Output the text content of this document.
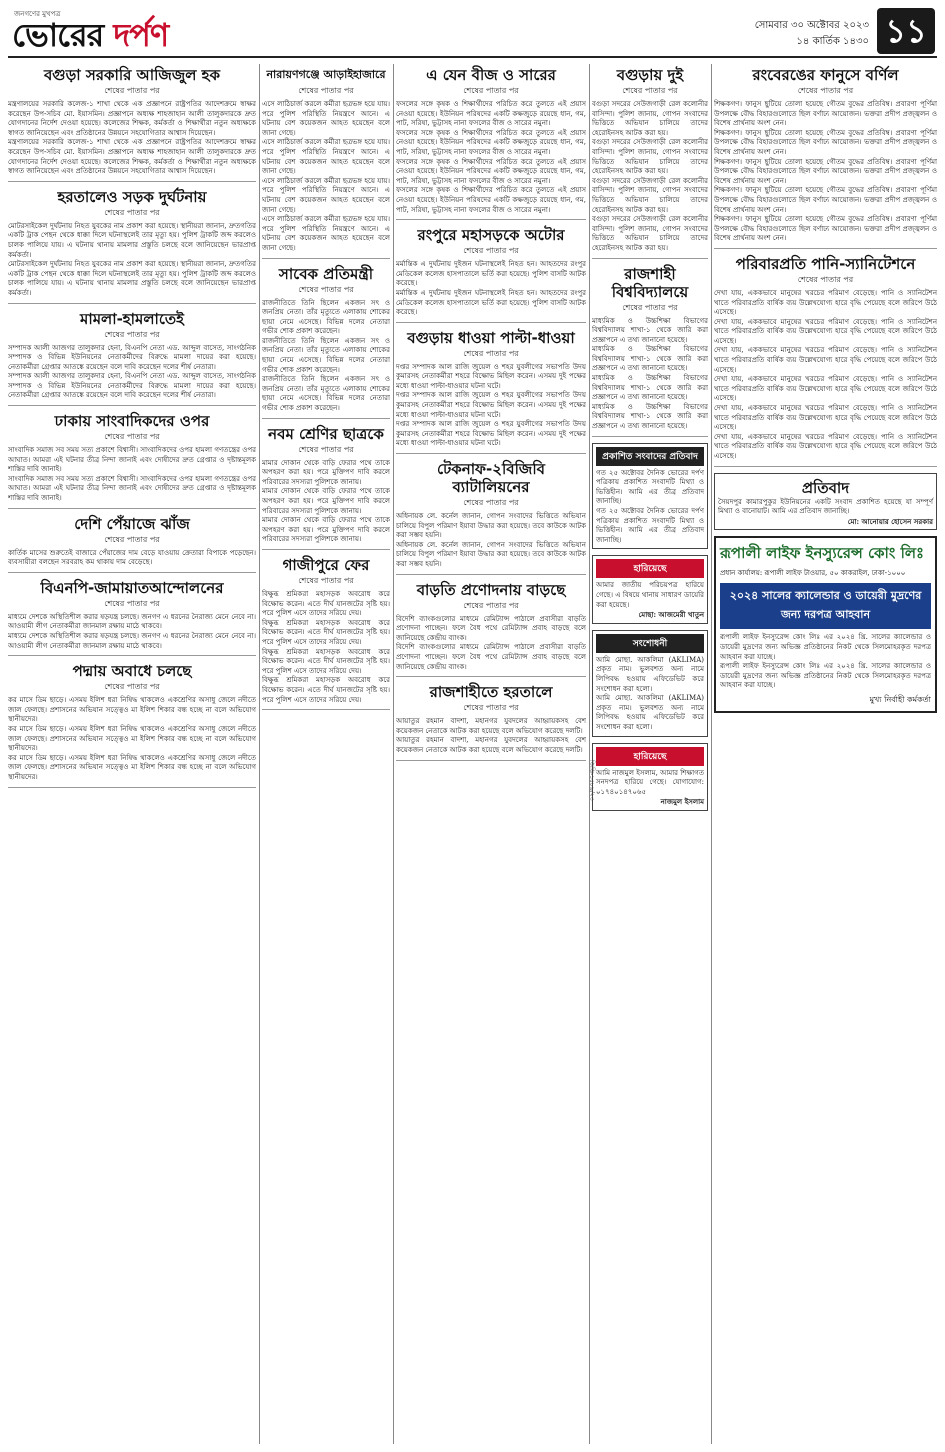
জনগণের মুখপত্র
ভোরের দর্পণ	সোমবার ৩০ অক্টোবর ২০২৩
১৪ কার্তিক ১৪৩০ ১১
বগুড়া সরকারি আজিজুল হক
শেষের পাতার পর
মন্ত্রণালয়ের সরকারি কলেজ-১ শাখা থেকে এক প্রজ্ঞাপনে রাষ্ট্রপতির আদেশক্রমে স্বাক্ষর করেছেন উপ-সচিব মো. ইয়াসমিন। প্রজ্ঞাপনে অধ্যক্ষ শাহজাহান আলী তালুকদারকে দ্রুত যোগদানের নির্দেশ দেওয়া হয়েছে। কলেজের শিক্ষক, কর্মকর্তা ও শিক্ষার্থীরা নতুন অধ্যক্ষকে স্বাগত জানিয়েছেন এবং প্রতিষ্ঠানের উন্নয়নে সহযোগিতার আশ্বাস দিয়েছেন।
মন্ত্রণালয়ের সরকারি কলেজ-১ শাখা থেকে এক প্রজ্ঞাপনে রাষ্ট্রপতির আদেশক্রমে স্বাক্ষর করেছেন উপ-সচিব মো. ইয়াসমিন। প্রজ্ঞাপনে অধ্যক্ষ শাহজাহান আলী তালুকদারকে দ্রুত যোগদানের নির্দেশ দেওয়া হয়েছে। কলেজের শিক্ষক, কর্মকর্তা ও শিক্ষার্থীরা নতুন অধ্যক্ষকে স্বাগত জানিয়েছেন এবং প্রতিষ্ঠানের উন্নয়নে সহযোগিতার আশ্বাস দিয়েছেন।
হরতালেও সড়ক দুর্ঘটনায়
শেষের পাতার পর
মোটরসাইকেল দুর্ঘটনায় নিহত যুবকের নাম প্রকাশ করা হয়েছে। স্থানীয়রা জানান, দ্রুতগতির একটি ট্রাক পেছন থেকে ধাক্কা দিলে ঘটনাস্থলেই তার মৃত্যু হয়। পুলিশ ট্রাকটি জব্দ করলেও চালক পালিয়ে যায়। এ ঘটনায় থানায় মামলার প্রস্তুতি চলছে বলে জানিয়েছেন ভারপ্রাপ্ত কর্মকর্তা।
মোটরসাইকেল দুর্ঘটনায় নিহত যুবকের নাম প্রকাশ করা হয়েছে। স্থানীয়রা জানান, দ্রুতগতির একটি ট্রাক পেছন থেকে ধাক্কা দিলে ঘটনাস্থলেই তার মৃত্যু হয়। পুলিশ ট্রাকটি জব্দ করলেও চালক পালিয়ে যায়। এ ঘটনায় থানায় মামলার প্রস্তুতি চলছে বলে জানিয়েছেন ভারপ্রাপ্ত কর্মকর্তা।
মামলা-হামলাতেই
শেষের পাতার পর
সম্পাদক আলী আজগর তালুকদার হেনা, বিএনপি নেতা এড. আব্দুল বাসেত, সাংগঠনিক সম্পাদক ও বিভিন্ন ইউনিয়নের নেতাকর্মীদের বিরুদ্ধে মামলা দায়ের করা হয়েছে। নেতাকর্মীরা গ্রেপ্তার আতঙ্কে রয়েছেন বলে দাবি করেছেন দলের শীর্ষ নেতারা।
সম্পাদক আলী আজগর তালুকদার হেনা, বিএনপি নেতা এড. আব্দুল বাসেত, সাংগঠনিক সম্পাদক ও বিভিন্ন ইউনিয়নের নেতাকর্মীদের বিরুদ্ধে মামলা দায়ের করা হয়েছে। নেতাকর্মীরা গ্রেপ্তার আতঙ্কে রয়েছেন বলে দাবি করেছেন দলের শীর্ষ নেতারা।
ঢাকায় সাংবাদিকদের ওপর
শেষের পাতার পর
সাংবাদিক সমাজ সব সময় সত্য প্রকাশে বিশ্বাসী। সাংবাদিকদের ওপর হামলা গণতন্ত্রের ওপর আঘাত। আমরা এই ঘটনার তীব্র নিন্দা জানাই এবং দোষীদের দ্রুত গ্রেপ্তার ও দৃষ্টান্তমূলক শাস্তির দাবি জানাই।
সাংবাদিক সমাজ সব সময় সত্য প্রকাশে বিশ্বাসী। সাংবাদিকদের ওপর হামলা গণতন্ত্রের ওপর আঘাত। আমরা এই ঘটনার তীব্র নিন্দা জানাই এবং দোষীদের দ্রুত গ্রেপ্তার ও দৃষ্টান্তমূলক শাস্তির দাবি জানাই।
দেশি পেঁয়াজে ঝাঁজ
শেষের পাতার পর
কার্তিক মাসের শুরুতেই বাজারে পেঁয়াজের দাম বেড়ে যাওয়ায় ক্রেতারা বিপাকে পড়েছেন। ব্যবসায়ীরা বলছেন সরবরাহ কম থাকায় দাম বেড়েছে।
বিএনপি-জামায়াতআন্দোলনের
শেষের পাতার পর
মাধ্যমে দেশকে অস্থিতিশীল করার ষড়যন্ত্র চলছে। জনগণ এ ধরনের নৈরাজ্য মেনে নেবে না। আওয়ামী লীগ নেতাকর্মীরা জানমাল রক্ষায় মাঠে থাকবে।
মাধ্যমে দেশকে অস্থিতিশীল করার ষড়যন্ত্র চলছে। জনগণ এ ধরনের নৈরাজ্য মেনে নেবে না। আওয়ামী লীগ নেতাকর্মীরা জানমাল রক্ষায় মাঠে থাকবে।
পদ্মায় অবাধে চলছে
শেষের পাতার পর
কর মাসে ডিম ছাড়ে। এসময় ইলিশ ধরা নিষিদ্ধ থাকলেও একশ্রেণির অসাধু জেলে নদীতে জাল ফেলছে। প্রশাসনের অভিযান সত্ত্বেও মা ইলিশ শিকার বন্ধ হচ্ছে না বলে অভিযোগ স্থানীয়দের।
কর মাসে ডিম ছাড়ে। এসময় ইলিশ ধরা নিষিদ্ধ থাকলেও একশ্রেণির অসাধু জেলে নদীতে জাল ফেলছে। প্রশাসনের অভিযান সত্ত্বেও মা ইলিশ শিকার বন্ধ হচ্ছে না বলে অভিযোগ স্থানীয়দের।
কর মাসে ডিম ছাড়ে। এসময় ইলিশ ধরা নিষিদ্ধ থাকলেও একশ্রেণির অসাধু জেলে নদীতে জাল ফেলছে। প্রশাসনের অভিযান সত্ত্বেও মা ইলিশ শিকার বন্ধ হচ্ছে না বলে অভিযোগ স্থানীয়দের।
নারায়ণগঞ্জে আড়াইহাজারে
শেষের পাতার পর
এসে লাঠিচার্জ করলে কর্মীরা ছত্রভঙ্গ হয়ে যায়। পরে পুলিশ পরিস্থিতি নিয়ন্ত্রণে আনে। এ ঘটনায় বেশ কয়েকজন আহত হয়েছেন বলে জানা গেছে।
এসে লাঠিচার্জ করলে কর্মীরা ছত্রভঙ্গ হয়ে যায়। পরে পুলিশ পরিস্থিতি নিয়ন্ত্রণে আনে। এ ঘটনায় বেশ কয়েকজন আহত হয়েছেন বলে জানা গেছে।
এসে লাঠিচার্জ করলে কর্মীরা ছত্রভঙ্গ হয়ে যায়। পরে পুলিশ পরিস্থিতি নিয়ন্ত্রণে আনে। এ ঘটনায় বেশ কয়েকজন আহত হয়েছেন বলে জানা গেছে।
এসে লাঠিচার্জ করলে কর্মীরা ছত্রভঙ্গ হয়ে যায়। পরে পুলিশ পরিস্থিতি নিয়ন্ত্রণে আনে। এ ঘটনায় বেশ কয়েকজন আহত হয়েছেন বলে জানা গেছে।
সাবেক প্রতিমন্ত্রী
শেষের পাতার পর
রাজনীতিতে তিনি ছিলেন একজন সৎ ও জনপ্রিয় নেতা। তাঁর মৃত্যুতে এলাকায় শোকের ছায়া নেমে এসেছে। বিভিন্ন দলের নেতারা গভীর শোক প্রকাশ করেছেন।
রাজনীতিতে তিনি ছিলেন একজন সৎ ও জনপ্রিয় নেতা। তাঁর মৃত্যুতে এলাকায় শোকের ছায়া নেমে এসেছে। বিভিন্ন দলের নেতারা গভীর শোক প্রকাশ করেছেন।
রাজনীতিতে তিনি ছিলেন একজন সৎ ও জনপ্রিয় নেতা। তাঁর মৃত্যুতে এলাকায় শোকের ছায়া নেমে এসেছে। বিভিন্ন দলের নেতারা গভীর শোক প্রকাশ করেছেন।
নবম শ্রেণির ছাত্রকে
শেষের পাতার পর
মামার দোকান থেকে বাড়ি ফেরার পথে তাকে অপহরণ করা হয়। পরে মুক্তিপণ দাবি করলে পরিবারের সদস্যরা পুলিশকে জানায়।
মামার দোকান থেকে বাড়ি ফেরার পথে তাকে অপহরণ করা হয়। পরে মুক্তিপণ দাবি করলে পরিবারের সদস্যরা পুলিশকে জানায়।
মামার দোকান থেকে বাড়ি ফেরার পথে তাকে অপহরণ করা হয়। পরে মুক্তিপণ দাবি করলে পরিবারের সদস্যরা পুলিশকে জানায়।
গাজীপুরে ফের
শেষের পাতার পর
বিক্ষুব্ধ শ্রমিকরা মহাসড়ক অবরোধ করে বিক্ষোভ করেন। এতে দীর্ঘ যানজটের সৃষ্টি হয়। পরে পুলিশ এসে তাদের সরিয়ে দেয়।
বিক্ষুব্ধ শ্রমিকরা মহাসড়ক অবরোধ করে বিক্ষোভ করেন। এতে দীর্ঘ যানজটের সৃষ্টি হয়। পরে পুলিশ এসে তাদের সরিয়ে দেয়।
বিক্ষুব্ধ শ্রমিকরা মহাসড়ক অবরোধ করে বিক্ষোভ করেন। এতে দীর্ঘ যানজটের সৃষ্টি হয়। পরে পুলিশ এসে তাদের সরিয়ে দেয়।
বিক্ষুব্ধ শ্রমিকরা মহাসড়ক অবরোধ করে বিক্ষোভ করেন। এতে দীর্ঘ যানজটের সৃষ্টি হয়। পরে পুলিশ এসে তাদের সরিয়ে দেয়।
এ যেন বীজ ও সারের
শেষের পাতার পর
ফসলের সঙ্গে কৃষক ও শিক্ষার্থীদের পরিচিত করে তুলতে এই প্রয়াস নেওয়া হয়েছে। ইউনিয়ন পরিষদের একটি কক্ষজুড়ে রয়েছে ধান, গম, পাট, সরিষা, ভুট্টাসহ নানা ফসলের বীজ ও সারের নমুনা।
ফসলের সঙ্গে কৃষক ও শিক্ষার্থীদের পরিচিত করে তুলতে এই প্রয়াস নেওয়া হয়েছে। ইউনিয়ন পরিষদের একটি কক্ষজুড়ে রয়েছে ধান, গম, পাট, সরিষা, ভুট্টাসহ নানা ফসলের বীজ ও সারের নমুনা।
ফসলের সঙ্গে কৃষক ও শিক্ষার্থীদের পরিচিত করে তুলতে এই প্রয়াস নেওয়া হয়েছে। ইউনিয়ন পরিষদের একটি কক্ষজুড়ে রয়েছে ধান, গম, পাট, সরিষা, ভুট্টাসহ নানা ফসলের বীজ ও সারের নমুনা।
ফসলের সঙ্গে কৃষক ও শিক্ষার্থীদের পরিচিত করে তুলতে এই প্রয়াস নেওয়া হয়েছে। ইউনিয়ন পরিষদের একটি কক্ষজুড়ে রয়েছে ধান, গম, পাট, সরিষা, ভুট্টাসহ নানা ফসলের বীজ ও সারের নমুনা।
রংপুরে মহাসড়কে অটোর
শেষের পাতার পর
মর্মান্তিক এ দুর্ঘটনায় দুইজন ঘটনাস্থলেই নিহত হন। আহতদের রংপুর মেডিকেল কলেজ হাসপাতালে ভর্তি করা হয়েছে। পুলিশ বাসটি আটক করেছে।
মর্মান্তিক এ দুর্ঘটনায় দুইজন ঘটনাস্থলেই নিহত হন। আহতদের রংপুর মেডিকেল কলেজ হাসপাতালে ভর্তি করা হয়েছে। পুলিশ বাসটি আটক করেছে।
বগুড়ায় ধাওয়া পাল্টা-ধাওয়া
শেষের পাতার পর
দপ্তর সম্পাদক আল রাজি জুয়েল ও শহর যুবলীগের সভাপতি উদয় কুমারসহ নেতাকর্মীরা শহরে বিক্ষোভ মিছিল করেন। এসময় দুই পক্ষের মধ্যে ধাওয়া পাল্টা-ধাওয়ার ঘটনা ঘটে।
দপ্তর সম্পাদক আল রাজি জুয়েল ও শহর যুবলীগের সভাপতি উদয় কুমারসহ নেতাকর্মীরা শহরে বিক্ষোভ মিছিল করেন। এসময় দুই পক্ষের মধ্যে ধাওয়া পাল্টা-ধাওয়ার ঘটনা ঘটে।
দপ্তর সম্পাদক আল রাজি জুয়েল ও শহর যুবলীগের সভাপতি উদয় কুমারসহ নেতাকর্মীরা শহরে বিক্ষোভ মিছিল করেন। এসময় দুই পক্ষের মধ্যে ধাওয়া পাল্টা-ধাওয়ার ঘটনা ঘটে।
টেকনাফ-২বিজিবি ব্যাটালিয়নের
শেষের পাতার পর
অধিনায়ক লে. কর্নেল জানান, গোপন সংবাদের ভিত্তিতে অভিযান চালিয়ে বিপুল পরিমাণ ইয়াবা উদ্ধার করা হয়েছে। তবে কাউকে আটক করা সম্ভব হয়নি।
অধিনায়ক লে. কর্নেল জানান, গোপন সংবাদের ভিত্তিতে অভিযান চালিয়ে বিপুল পরিমাণ ইয়াবা উদ্ধার করা হয়েছে। তবে কাউকে আটক করা সম্ভব হয়নি।
বাড়তি প্রণোদনায় বাড়ছে
শেষের পাতার পর
বিদেশি ব্যাংকগুলোর মাধ্যমে রেমিট্যান্স পাঠালে প্রবাসীরা বাড়তি প্রণোদনা পাচ্ছেন। ফলে বৈধ পথে রেমিট্যান্স প্রবাহ বাড়ছে বলে জানিয়েছে কেন্দ্রীয় ব্যাংক।
বিদেশি ব্যাংকগুলোর মাধ্যমে রেমিট্যান্স পাঠালে প্রবাসীরা বাড়তি প্রণোদনা পাচ্ছেন। ফলে বৈধ পথে রেমিট্যান্স প্রবাহ বাড়ছে বলে জানিয়েছে কেন্দ্রীয় ব্যাংক।
রাজশাহীতে হরতালে
শেষের পাতার পর
আয়াতুর রহমান বাদশা, মহানগর যুবদলের আহ্বায়কসহ বেশ কয়েকজন নেতাকে আটক করা হয়েছে বলে অভিযোগ করেছে দলটি।
আয়াতুর রহমান বাদশা, মহানগর যুবদলের আহ্বায়কসহ বেশ কয়েকজন নেতাকে আটক করা হয়েছে বলে অভিযোগ করেছে দলটি।
জিডি-১৫৮৯/২৩
বগুড়ায় দুই
শেষের পাতার পর
বগুড়া সদরের সেউজগাড়ী রেল কলোনীর বাসিন্দা। পুলিশ জানায়, গোপন সংবাদের ভিত্তিতে অভিযান চালিয়ে তাদের হেরোইনসহ আটক করা হয়।
বগুড়া সদরের সেউজগাড়ী রেল কলোনীর বাসিন্দা। পুলিশ জানায়, গোপন সংবাদের ভিত্তিতে অভিযান চালিয়ে তাদের হেরোইনসহ আটক করা হয়।
বগুড়া সদরের সেউজগাড়ী রেল কলোনীর বাসিন্দা। পুলিশ জানায়, গোপন সংবাদের ভিত্তিতে অভিযান চালিয়ে তাদের হেরোইনসহ আটক করা হয়।
বগুড়া সদরের সেউজগাড়ী রেল কলোনীর বাসিন্দা। পুলিশ জানায়, গোপন সংবাদের ভিত্তিতে অভিযান চালিয়ে তাদের হেরোইনসহ আটক করা হয়।
রাজশাহী বিশ্ববিদ্যালয়ে
শেষের পাতার পর
মাধ্যমিক ও উচ্চশিক্ষা বিভাগের বিশ্ববিদ্যালয় শাখা-১ থেকে জারি করা প্রজ্ঞাপনে এ তথ্য জানানো হয়েছে।
মাধ্যমিক ও উচ্চশিক্ষা বিভাগের বিশ্ববিদ্যালয় শাখা-১ থেকে জারি করা প্রজ্ঞাপনে এ তথ্য জানানো হয়েছে।
মাধ্যমিক ও উচ্চশিক্ষা বিভাগের বিশ্ববিদ্যালয় শাখা-১ থেকে জারি করা প্রজ্ঞাপনে এ তথ্য জানানো হয়েছে।
মাধ্যমিক ও উচ্চশিক্ষা বিভাগের বিশ্ববিদ্যালয় শাখা-১ থেকে জারি করা প্রজ্ঞাপনে এ তথ্য জানানো হয়েছে।
প্রকাশিত সংবাদের প্রতিবাদ
গত ২৫ অক্টোবর দৈনিক ভোরের দর্পণ পত্রিকায় প্রকাশিত সংবাদটি মিথ্যা ও ভিত্তিহীন। আমি এর তীব্র প্রতিবাদ জানাচ্ছি।
গত ২৫ অক্টোবর দৈনিক ভোরের দর্পণ পত্রিকায় প্রকাশিত সংবাদটি মিথ্যা ও ভিত্তিহীন। আমি এর তীব্র প্রতিবাদ জানাচ্ছি।
হারিয়েছে
আমার জাতীয় পরিচয়পত্র হারিয়ে গেছে। এ বিষয়ে থানায় সাধারণ ডায়েরি করা হয়েছে।
মোছা: আজমেরী খাতুন
সংশোধনী
আমি মোছা. আকলিমা (AKLIMA) প্রকৃত নাম। ভুলবশত অন্য নামে লিপিবদ্ধ হওয়ায় এফিডেভিট করে সংশোধন করা হলো।
আমি মোছা. আকলিমা (AKLIMA) প্রকৃত নাম। ভুলবশত অন্য নামে লিপিবদ্ধ হওয়ায় এফিডেভিট করে সংশোধন করা হলো।
হারিয়েছে
আমি নাজমুল ইসলাম, আমার শিক্ষাগত সনদপত্র হারিয়ে গেছে। যোগাযোগ: ০১৭৪০১৪৭০৬৫
নাজমুল ইসলাম
রংবেরঙের ফানুসে বর্ণিল
শেষের পাতার পর
শিক্ষকগণ। ফানুস ছুটিয়ে তোলা হয়েছে গৌতম বুদ্ধের প্রতিবিম্ব। প্রবারণা পূর্ণিমা উপলক্ষে বৌদ্ধ বিহারগুলোতে ছিল বর্ণাঢ্য আয়োজন। ভক্তরা প্রদীপ প্রজ্জ্বলন ও বিশেষ প্রার্থনায় অংশ নেন।
শিক্ষকগণ। ফানুস ছুটিয়ে তোলা হয়েছে গৌতম বুদ্ধের প্রতিবিম্ব। প্রবারণা পূর্ণিমা উপলক্ষে বৌদ্ধ বিহারগুলোতে ছিল বর্ণাঢ্য আয়োজন। ভক্তরা প্রদীপ প্রজ্জ্বলন ও বিশেষ প্রার্থনায় অংশ নেন।
শিক্ষকগণ। ফানুস ছুটিয়ে তোলা হয়েছে গৌতম বুদ্ধের প্রতিবিম্ব। প্রবারণা পূর্ণিমা উপলক্ষে বৌদ্ধ বিহারগুলোতে ছিল বর্ণাঢ্য আয়োজন। ভক্তরা প্রদীপ প্রজ্জ্বলন ও বিশেষ প্রার্থনায় অংশ নেন।
শিক্ষকগণ। ফানুস ছুটিয়ে তোলা হয়েছে গৌতম বুদ্ধের প্রতিবিম্ব। প্রবারণা পূর্ণিমা উপলক্ষে বৌদ্ধ বিহারগুলোতে ছিল বর্ণাঢ্য আয়োজন। ভক্তরা প্রদীপ প্রজ্জ্বলন ও বিশেষ প্রার্থনায় অংশ নেন।
শিক্ষকগণ। ফানুস ছুটিয়ে তোলা হয়েছে গৌতম বুদ্ধের প্রতিবিম্ব। প্রবারণা পূর্ণিমা উপলক্ষে বৌদ্ধ বিহারগুলোতে ছিল বর্ণাঢ্য আয়োজন। ভক্তরা প্রদীপ প্রজ্জ্বলন ও বিশেষ প্রার্থনায় অংশ নেন।
পরিবারপ্রতি পানি-স্যানিটেশনে
শেষের পাতার পর
দেখা যায়, এককভাবে মানুষের খরচের পরিমাণ বেড়েছে। পানি ও স্যানিটেশন খাতে পরিবারপ্রতি বার্ষিক ব্যয় উল্লেখযোগ্য হারে বৃদ্ধি পেয়েছে বলে জরিপে উঠে এসেছে।
দেখা যায়, এককভাবে মানুষের খরচের পরিমাণ বেড়েছে। পানি ও স্যানিটেশন খাতে পরিবারপ্রতি বার্ষিক ব্যয় উল্লেখযোগ্য হারে বৃদ্ধি পেয়েছে বলে জরিপে উঠে এসেছে।
দেখা যায়, এককভাবে মানুষের খরচের পরিমাণ বেড়েছে। পানি ও স্যানিটেশন খাতে পরিবারপ্রতি বার্ষিক ব্যয় উল্লেখযোগ্য হারে বৃদ্ধি পেয়েছে বলে জরিপে উঠে এসেছে।
দেখা যায়, এককভাবে মানুষের খরচের পরিমাণ বেড়েছে। পানি ও স্যানিটেশন খাতে পরিবারপ্রতি বার্ষিক ব্যয় উল্লেখযোগ্য হারে বৃদ্ধি পেয়েছে বলে জরিপে উঠে এসেছে।
দেখা যায়, এককভাবে মানুষের খরচের পরিমাণ বেড়েছে। পানি ও স্যানিটেশন খাতে পরিবারপ্রতি বার্ষিক ব্যয় উল্লেখযোগ্য হারে বৃদ্ধি পেয়েছে বলে জরিপে উঠে এসেছে।
দেখা যায়, এককভাবে মানুষের খরচের পরিমাণ বেড়েছে। পানি ও স্যানিটেশন খাতে পরিবারপ্রতি বার্ষিক ব্যয় উল্লেখযোগ্য হারে বৃদ্ধি পেয়েছে বলে জরিপে উঠে এসেছে।
প্রতিবাদ
সৈয়দপুর কামারপুকুর ইউনিয়নের একটি সংবাদ প্রকাশিত হয়েছে যা সম্পূর্ণ মিথ্যা ও বানোয়াট। আমি এর প্রতিবাদ জানাচ্ছি।
মো: আনোয়ার হোসেন সরকার
রূপালী লাইফ ইনস্যুরেন্স কোং লিঃ
প্রধান কার্যালয়: রূপালী লাইফ টাওয়ার, ৫০ কাকরাইল, ঢাকা-১০০০
২০২৪ সালের ক্যালেন্ডার ও ডায়েরী মুদ্রণের জন্য দরপত্র আহবান
রূপালী লাইফ ইনস্যুরেন্স কোং লিঃ এর ২০২৪ খ্রি. সালের ক্যালেন্ডার ও ডায়েরী মুদ্রণের জন্য অভিজ্ঞ প্রতিষ্ঠানের নিকট থেকে সিলমোহরকৃত দরপত্র আহবান করা যাচ্ছে।
রূপালী লাইফ ইনস্যুরেন্স কোং লিঃ এর ২০২৪ খ্রি. সালের ক্যালেন্ডার ও ডায়েরী মুদ্রণের জন্য অভিজ্ঞ প্রতিষ্ঠানের নিকট থেকে সিলমোহরকৃত দরপত্র আহবান করা যাচ্ছে।
মুখ্য নির্বাহী কর্মকর্তা
